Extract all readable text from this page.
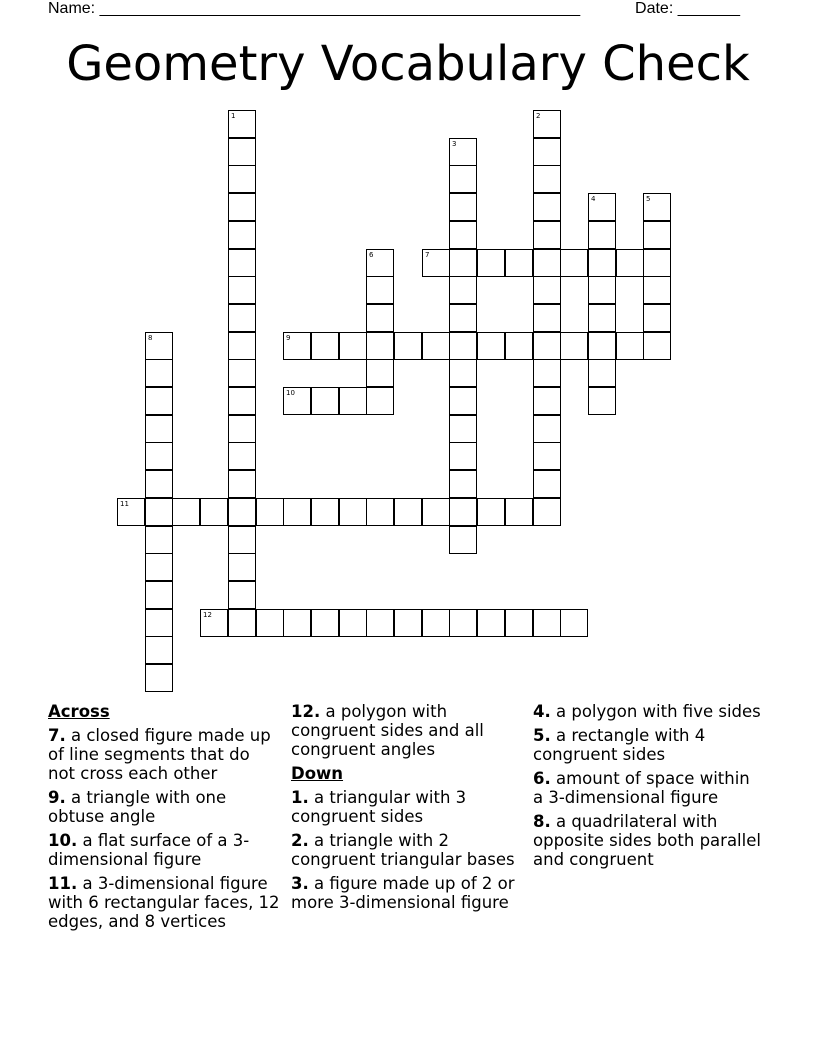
Name: ______________________________________________________	Date: _______
Geometry Vocabulary Check
1	2
3
4	5
6	7
8	9
10
11
12
Across
7. a closed figure made up of line segments that do not cross each other
9. a triangle with one obtuse angle
10. a flat surface of a 3-dimensional figure
11. a 3-dimensional figure with 6 rectangular faces, 12 edges, and 8 vertices
12. a polygon with congruent sides and all congruent angles
Down
1. a triangular with 3 congruent sides
2. a triangle with 2 congruent triangular bases
3. a figure made up of 2 or more 3-dimensional figure
4. a polygon with five sides
5. a rectangle with 4 congruent sides
6. amount of space within a 3-dimensional figure
8. a quadrilateral with opposite sides both parallel and congruent
